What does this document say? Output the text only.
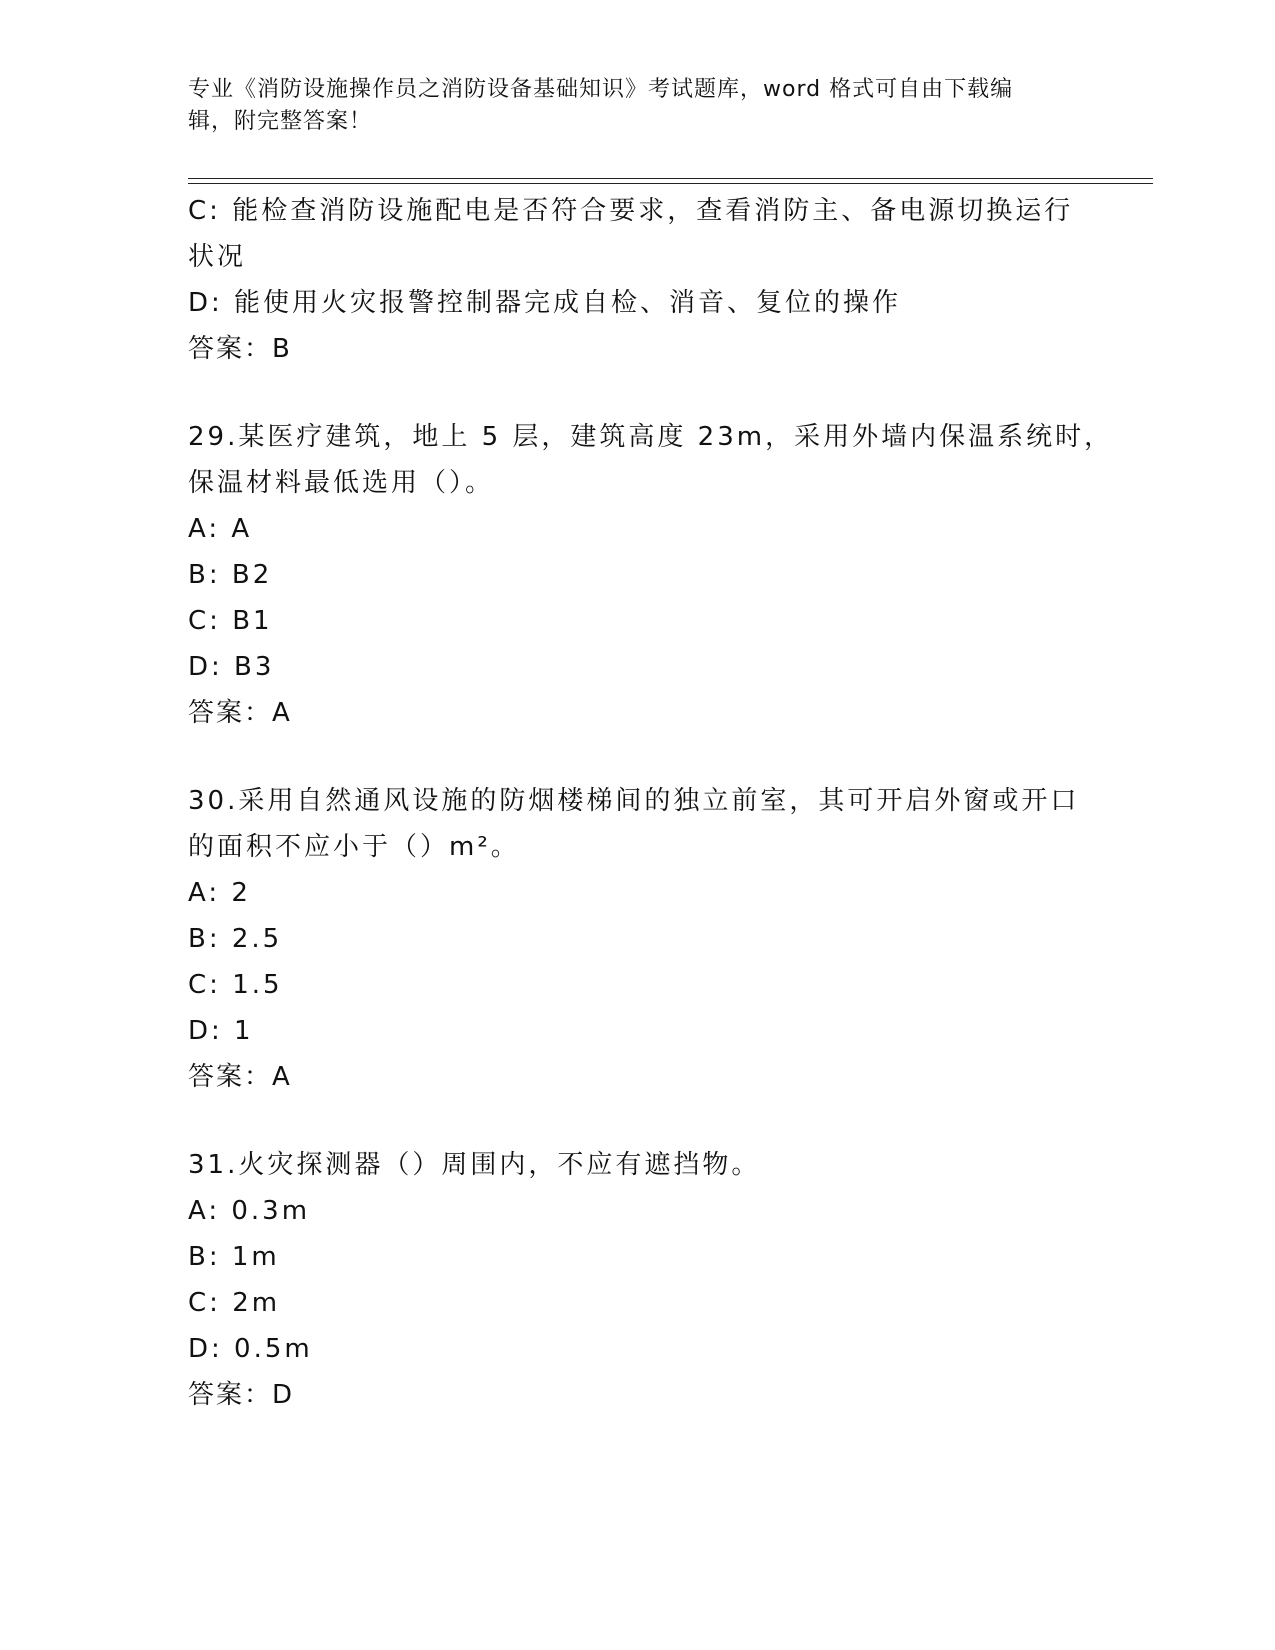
专业《消防设施操作员之消防设备基础知识》考试题库，word 格式可自由下载编
辑，附完整答案！
C: 能检查消防设施配电是否符合要求，查看消防主、备电源切换运行
状况
D: 能使用火灾报警控制器完成自检、消音、复位的操作
答案：B
29.某医疗建筑，地上 5 层，建筑高度 23m，采用外墙内保温系统时，
保温材料最低选用（）。
A: A
B: B2
C: B1
D: B3
答案：A
30.采用自然通风设施的防烟楼梯间的独立前室，其可开启外窗或开口
的面积不应小于（）m²。
A: 2
B: 2.5
C: 1.5
D: 1
答案：A
31.火灾探测器（）周围内，不应有遮挡物。
A: 0.3m
B: 1m
C: 2m
D: 0.5m
答案：D
